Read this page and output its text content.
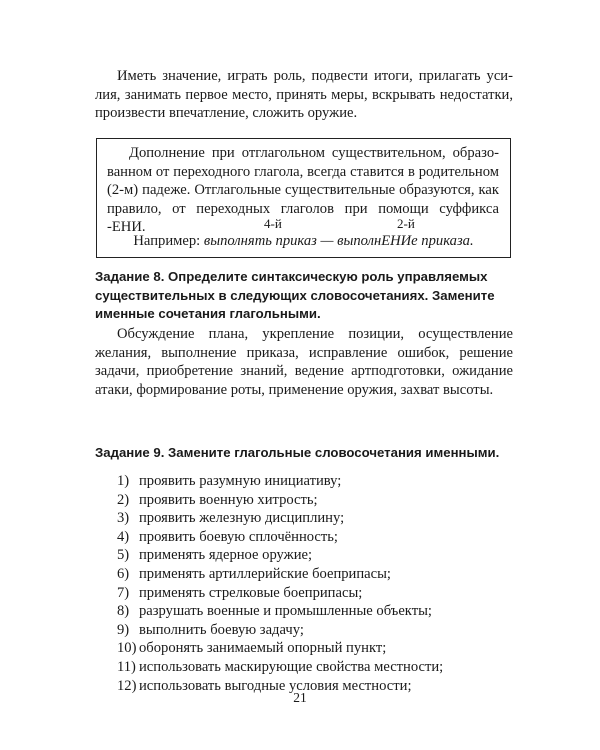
Иметь значение, играть роль, подвести итоги, прилагать усилия, занимать первое место, принять меры, вскрывать недостатки, произвести впечатление, сложить оружие.

Дополнение при отглагольном существительном, образованном от переходного глагола, всегда ставится в родительном (2-м) падеже. Отглагольные существительные образуются, как правило, от переходных глаголов при помощи суффикса -ЕНИ.	4-й	2-й
Например: выполнять приказ — выполнЕНИе приказа.

Задание 8. Определите синтаксическую роль управляемых существительных в следующих словосочетаниях. Замените именные сочетания глагольными.

Обсуждение плана, укрепление позиции, осуществление желания, выполнение приказа, исправление ошибок, решение задачи, приобретение знаний, ведение артподготовки, ожидание атаки, формирование роты, применение оружия, захват высоты.

Задание 9. Замените глагольные словосочетания именными.

1) проявить разумную инициативу;
2) проявить военную хитрость;
3) проявить железную дисциплину;
4) проявить боевую сплочённость;
5) применять ядерное оружие;
6) применять артиллерийские боеприпасы;
7) применять стрелковые боеприпасы;
8) разрушать военные и промышленные объекты;
9) выполнить боевую задачу;
10) оборонять занимаемый опорный пункт;
11) использовать маскирующие свойства местности;
12) использовать выгодные условия местности;
21
